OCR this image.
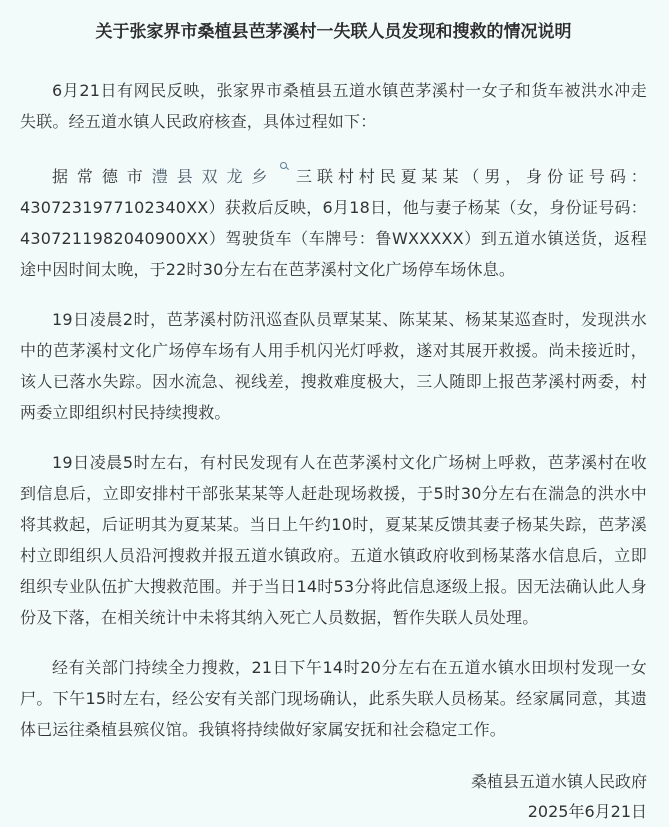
关于张家界市桑植县芭茅溪村一失联人员发现和搜救的情况说明

6月21日有网民反映，张家界市桑植县五道水镇芭茅溪村一女子和货车被洪水冲走失联。经五道水镇人民政府核查，具体过程如下：

据常德市澧县双龙乡 三联村村民夏某某（男，身份证号码：430723197710234​0XX）获救后反映，6月18日，他与妻子杨某（女，身份证号码：430721198204090​0XX）驾驶货车（车牌号：鲁WXXXXX）到五道水镇送货，返程途中因时间太晚，于22时30分左右在芭茅溪村文化广场停车场休息。

19日凌晨2时，芭茅溪村防汛巡查队员覃某某、陈某某、杨某某巡查时，发现洪水中的芭茅溪村文化广场停车场有人用手机闪光灯呼救，遂对其展开救援。尚未接近时，该人已落水失踪。因水流急、视线差，搜救难度极大，三人随即上报芭茅溪村两委，村两委立即组织村民持续搜救。

19日凌晨5时左右，有村民发现有人在芭茅溪村文化广场树上呼救，芭茅溪村在收到信息后，立即安排村干部张某某等人赶赴现场救援，于5时30分左右在湍急的洪水中将其救起，后证明其为夏某某。当日上午约10时，夏某某反馈其妻子杨某失踪，芭茅溪村立即组织人员沿河搜救并报五道水镇政府。五道水镇政府收到杨某落水信息后，立即组织专业队伍扩大搜救范围。并于当日14时53分将此信息逐级上报。因无法确认此人身份及下落，在相关统计中未将其纳入死亡人员数据，暂作失联人员处理。

经有关部门持续全力搜救，21日下午14时20分左右在五道水镇水田坝村发现一女尸。下午15时左右，经公安有关部门现场确认，此系失联人员杨某。经家属同意，其遗体已运往桑植县殡仪馆。我镇将持续做好家属安抚和社会稳定工作。

桑植县五道水镇人民政府
2025年6月21日
